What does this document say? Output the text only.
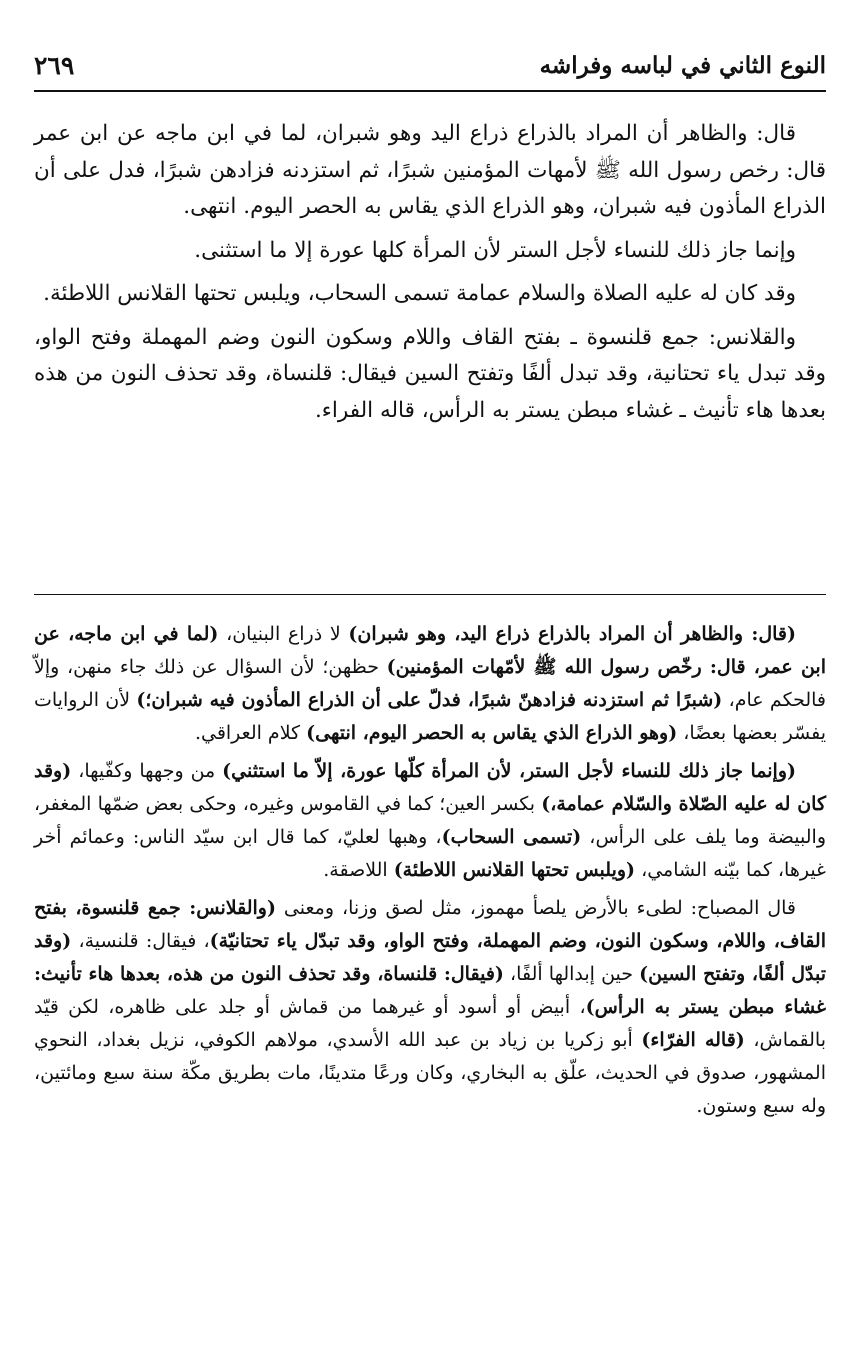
النوع الثاني في لباسه وفراشه
٢٦٩

قال: والظاهر أن المراد بالذراع ذراع اليد وهو شبران، لما في ابن ماجه عن ابن عمر قال: رخص رسول الله ﷺ لأمهات المؤمنين شبرًا، ثم استزدنه فزادهن شبرًا، فدل على أن الذراع المأذون فيه شبران، وهو الذراع الذي يقاس به الحصر اليوم. انتهى.

وإنما جاز ذلك للنساء لأجل الستر لأن المرأة كلها عورة إلا ما استثنى.

وقد كان له عليه الصلاة والسلام عمامة تسمى السحاب، ويلبس تحتها القلانس اللاطئة.

والقلانس: جمع قلنسوة ـ بفتح القاف واللام وسكون النون وضم المهملة وفتح الواو، وقد تبدل ياء تحتانية، وقد تبدل ألفًا وتفتح السين فيقال: قلنساة، وقد تحذف النون من هذه بعدها هاء تأنيث ـ غشاء مبطن يستر به الرأس، قاله الفراء.

(قال: والظاهر أن المراد بالذراع ذراع اليد، وهو شبران) لا ذراع البنيان، (لما في ابن ماجه، عن ابن عمر، قال: رخّص رسول الله ﷺ لأمّهات المؤمنين) حظهن؛ لأن السؤال عن ذلك جاء منهن، وإلاّ فالحكم عام، (شبرًا ثم استزدنه فزادهنّ شبرًا، فدلّ على أن الذراع المأذون فيه شبران؛) لأن الروايات يفسّر بعضها بعضًا، (وهو الذراع الذي يقاس به الحصر اليوم، انتهى) كلام العراقي.

(وإنما جاز ذلك للنساء لأجل الستر، لأن المرأة كلّها عورة، إلاّ ما استثني) من وجهها وكفّيها، (وقد كان له عليه الصّلاة والسّلام عمامة،) بكسر العين؛ كما في القاموس وغيره، وحكى بعض ضمّها المغفر، والبيضة وما يلف على الرأس، (تسمى السحاب)، وهبها لعليّ، كما قال ابن سيّد الناس: وعمائم أخر غيرها، كما بيّنه الشامي، (ويلبس تحتها القلانس اللاطئة) اللاصقة.

قال المصباح: لطىء بالأرض يلصأ مهموز، مثل لصق وزنا، ومعنى (والقلانس: جمع قلنسوة، بفتح القاف، واللام، وسكون النون، وضم المهملة، وفتح الواو، وقد تبدّل ياء تحتانيّة)، فيقال: قلنسية، (وقد تبدّل ألفًا، وتفتح السين) حين إبدالها ألفًا، (فيقال: قلنساة، وقد تحذف النون من هذه، بعدها هاء تأنيث: غشاء مبطن يستر به الرأس)، أبيض أو أسود أو غيرهما من قماش أو جلد على ظاهره، لكن قيّد بالقماش، (قاله الفرّاء) أبو زكريا بن زياد بن عبد الله الأسدي، مولاهم الكوفي، نزيل بغداد، النحوي المشهور، صدوق في الحديث، علّق به البخاري، وكان ورعًا متدينًا، مات بطريق مكّة سنة سبع ومائتين، وله سبع وستون.
